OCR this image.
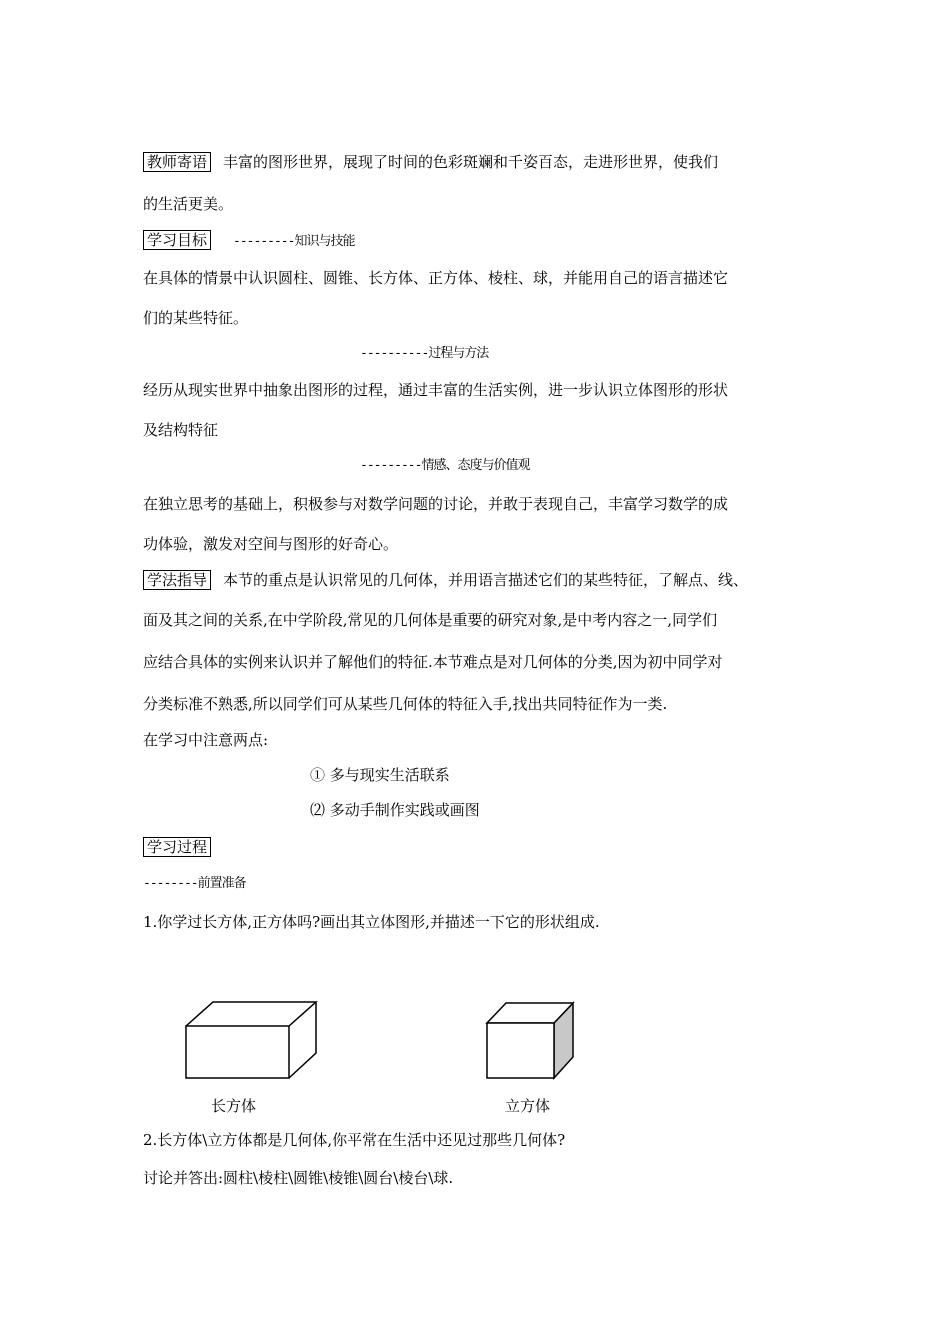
教师寄语 丰富的图形世界，展现了时间的色彩斑斓和千姿百态，走进形世界，使我们
的生活更美。
学习目标 ---------知识与技能
在具体的情景中认识圆柱、圆锥、长方体、正方体、棱柱、球，并能用自己的语言描述它
们的某些特征。
----------过程与方法
经历从现实世界中抽象出图形的过程，通过丰富的生活实例，进一步认识立体图形的形状
及结构特征
---------情感、态度与价值观
在独立思考的基础上，积极参与对数学问题的讨论，并敢于表现自己，丰富学习数学的成
功体验，激发对空间与图形的好奇心。
学法指导 本节的重点是认识常见的几何体，并用语言描述它们的某些特征，了解点、线、
面及其之间的关系,在中学阶段,常见的几何体是重要的研究对象,是中考内容之一,同学们
应结合具体的实例来认识并了解他们的特征.本节难点是对几何体的分类,因为初中同学对
分类标准不熟悉,所以同学们可从某些几何体的特征入手,找出共同特征作为一类.
在学习中注意两点:
① 多与现实生活联系
⑵ 多动手制作实践或画图
学习过程
--------前置准备
1.你学过长方体,正方体吗?画出其立体图形,并描述一下它的形状组成.
长方体	立方体
2.长方体\立方体都是几何体,你平常在生活中还见过那些几何体?
讨论并答出:圆柱\棱柱\圆锥\棱锥\圆台\棱台\球.
